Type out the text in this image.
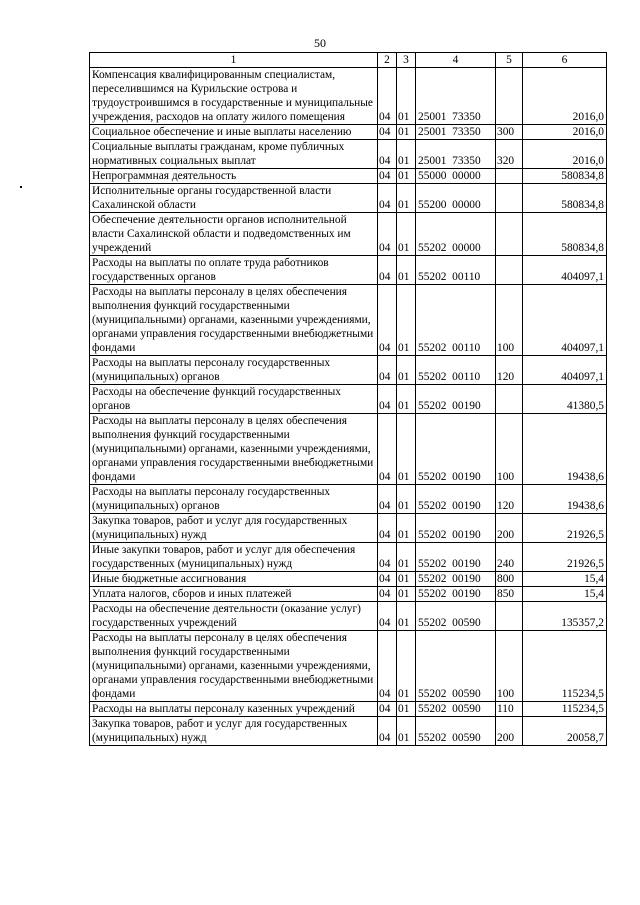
50
1	2	3	4	5	6
Компенсация квалифицированным специалистам, переселившимся на Курильские острова и трудоустроившимся в государственные и муниципальные учреждения, расходов на оплату жилого помещения	04	01	25001  73350		2016,0
Социальное обеспечение и иные выплаты населению	04	01	25001  73350	300	2016,0
Социальные выплаты гражданам, кроме публичных нормативных социальных выплат	04	01	25001  73350	320	2016,0
Непрограммная деятельность	04	01	55000  00000		580834,8
Исполнительные органы государственной власти Сахалинской области	04	01	55200  00000		580834,8
Обеспечение деятельности органов исполнительной власти Сахалинской области и подведомственных им учреждений	04	01	55202  00000		580834,8
Расходы на выплаты по оплате труда работников государственных органов	04	01	55202  00110		404097,1
Расходы на выплаты персоналу в целях обеспечения выполнения функций государственными (муниципальными) органами, казенными учреждениями, органами управления государственными внебюджетными фондами	04	01	55202  00110	100	404097,1
Расходы на выплаты персоналу государственных (муниципальных) органов	04	01	55202  00110	120	404097,1
Расходы на обеспечение функций государственных органов	04	01	55202  00190		41380,5
Расходы на выплаты персоналу в целях обеспечения выполнения функций государственными (муниципальными) органами, казенными учреждениями, органами управления государственными внебюджетными фондами	04	01	55202  00190	100	19438,6
Расходы на выплаты персоналу государственных (муниципальных) органов	04	01	55202  00190	120	19438,6
Закупка товаров, работ и услуг для государственных (муниципальных) нужд	04	01	55202  00190	200	21926,5
Иные закупки товаров, работ и услуг для обеспечения государственных (муниципальных) нужд	04	01	55202  00190	240	21926,5
Иные бюджетные ассигнования	04	01	55202  00190	800	15,4
Уплата налогов, сборов и иных платежей	04	01	55202  00190	850	15,4
Расходы на обеспечение деятельности (оказание услуг) государственных учреждений	04	01	55202  00590		135357,2
Расходы на выплаты персоналу в целях обеспечения выполнения функций государственными (муниципальными) органами, казенными учреждениями, органами управления государственными внебюджетными фондами	04	01	55202  00590	100	115234,5
Расходы на выплаты персоналу казенных учреждений	04	01	55202  00590	110	115234,5
Закупка товаров, работ и услуг для государственных (муниципальных) нужд	04	01	55202  00590	200	20058,7
